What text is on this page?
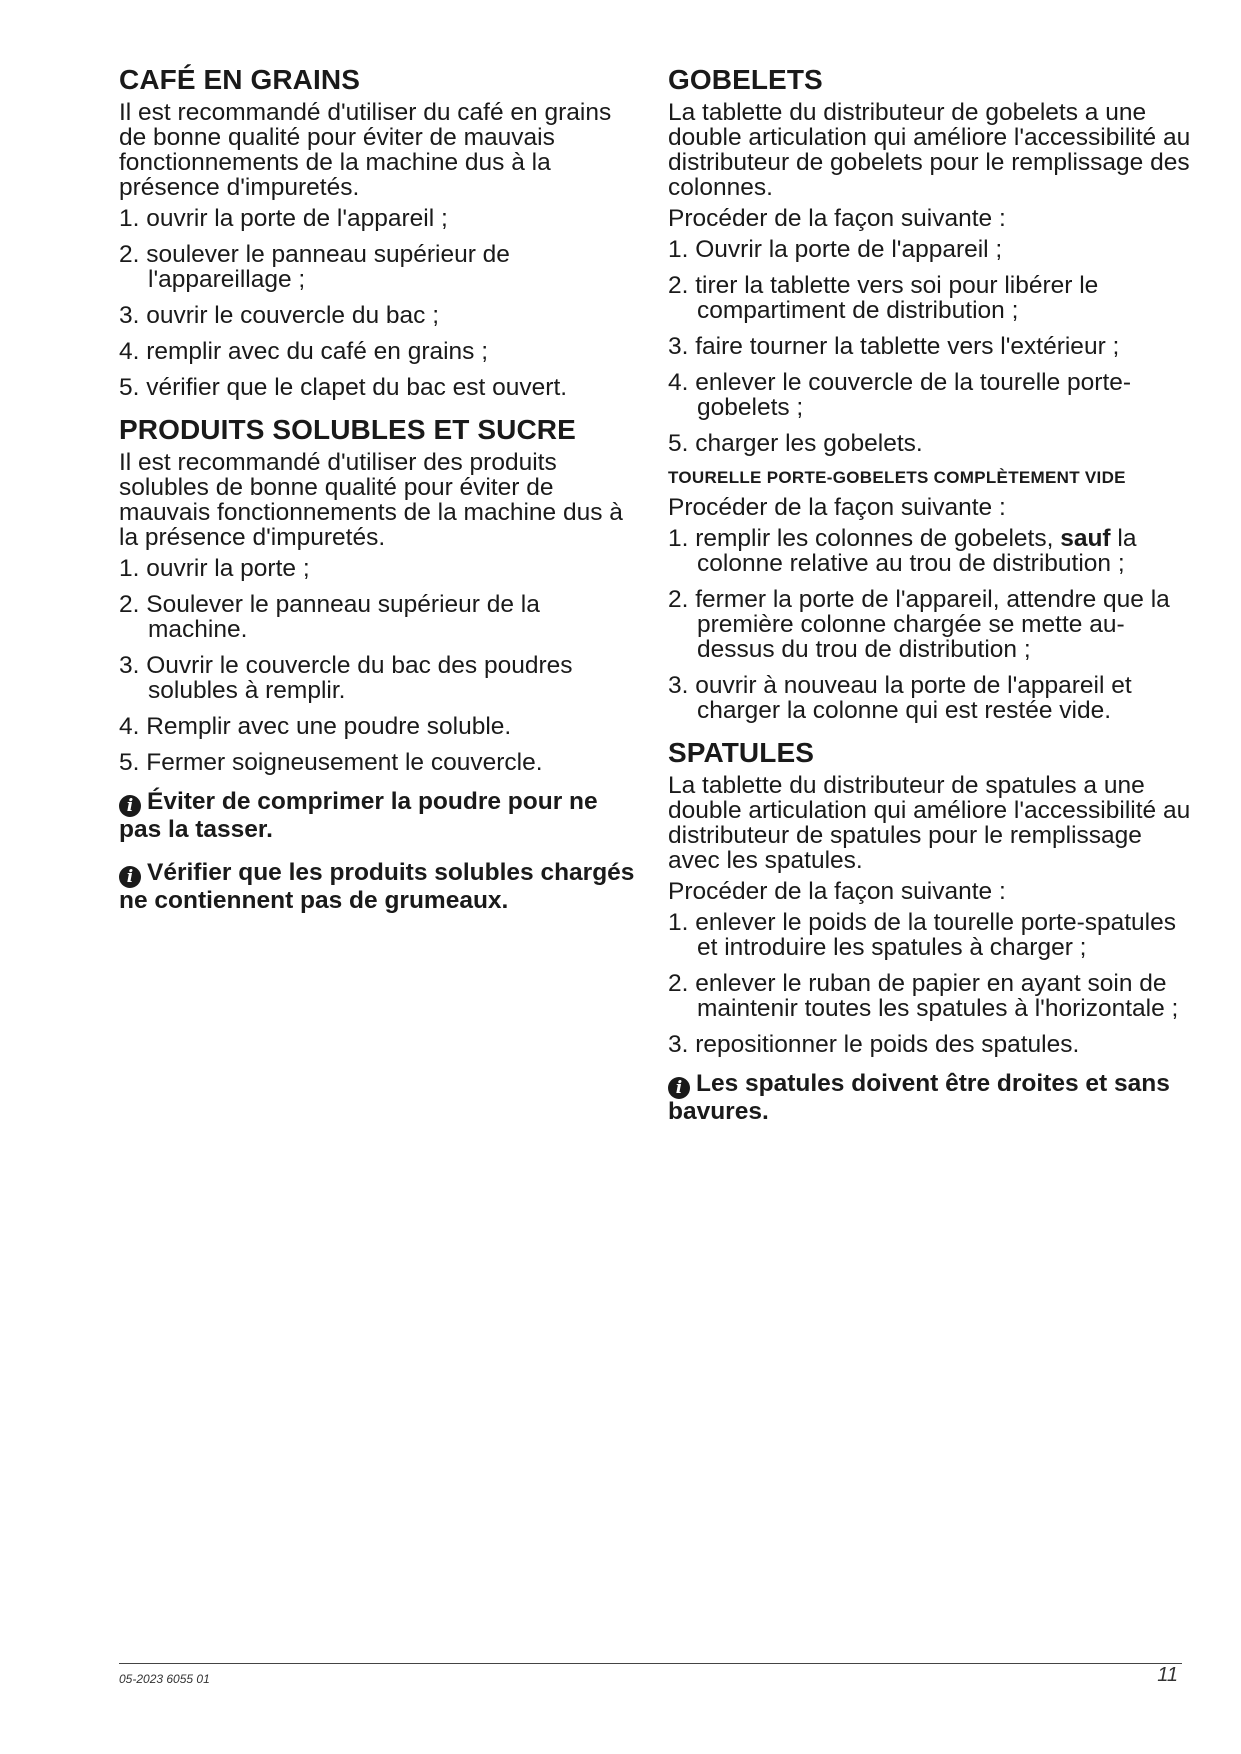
CAFÉ EN GRAINS

Il est recommandé d'utiliser du café en grains de bonne qualité pour éviter de mauvais fonctionnements de la machine dus à la présence d'impuretés.

1. ouvrir la porte de l'appareil ;
2. soulever le panneau supérieur de l'appareillage ;
3. ouvrir le couvercle du bac ;
4. remplir avec du café en grains ;
5. vérifier que le clapet du bac est ouvert.
PRODUITS SOLUBLES ET SUCRE

Il est recommandé d'utiliser des produits solubles de bonne qualité pour éviter de mauvais fonctionnements de la machine dus à la présence d'impuretés.

1. ouvrir la porte ;
2. Soulever le panneau supérieur de la machine.
3. Ouvrir le couvercle du bac des poudres solubles à remplir.
4. Remplir avec une poudre soluble.
5. Fermer soigneusement le couvercle.
i Éviter de comprimer la poudre pour ne pas la tasser.
i Vérifier que les produits solubles chargés ne contiennent pas de grumeaux.
GOBELETS

La tablette du distributeur de gobelets a une double articulation qui améliore l'accessibilité au distributeur de gobelets pour le remplissage des colonnes.

Procéder de la façon suivante :

1. Ouvrir la porte de l'appareil ;
2. tirer la tablette vers soi pour libérer le compartiment de distribution ;
3. faire tourner la tablette vers l'extérieur ;
4. enlever le couvercle de la tourelle porte-gobelets ;
5. charger les gobelets.
TOURELLE PORTE-GOBELETS COMPLÈTEMENT VIDE

Procéder de la façon suivante :

1. remplir les colonnes de gobelets, sauf la colonne relative au trou de distribution ;
2. fermer la porte de l'appareil, attendre que la première colonne chargée se mette au-dessus du trou de distribution ;
3. ouvrir à nouveau la porte de l'appareil et charger la colonne qui est restée vide.
SPATULES

La tablette du distributeur de spatules a une double articulation qui améliore l'accessibilité au distributeur de spatules pour le remplissage avec les spatules.

Procéder de la façon suivante :

1. enlever le poids de la tourelle porte-spatules et introduire les spatules à charger ;
2. enlever le ruban de papier en ayant soin de maintenir toutes les spatules à l'horizontale ;
3. repositionner le poids des spatules.
i Les spatules doivent être droites et sans bavures.
05-2023 6055 01	11
